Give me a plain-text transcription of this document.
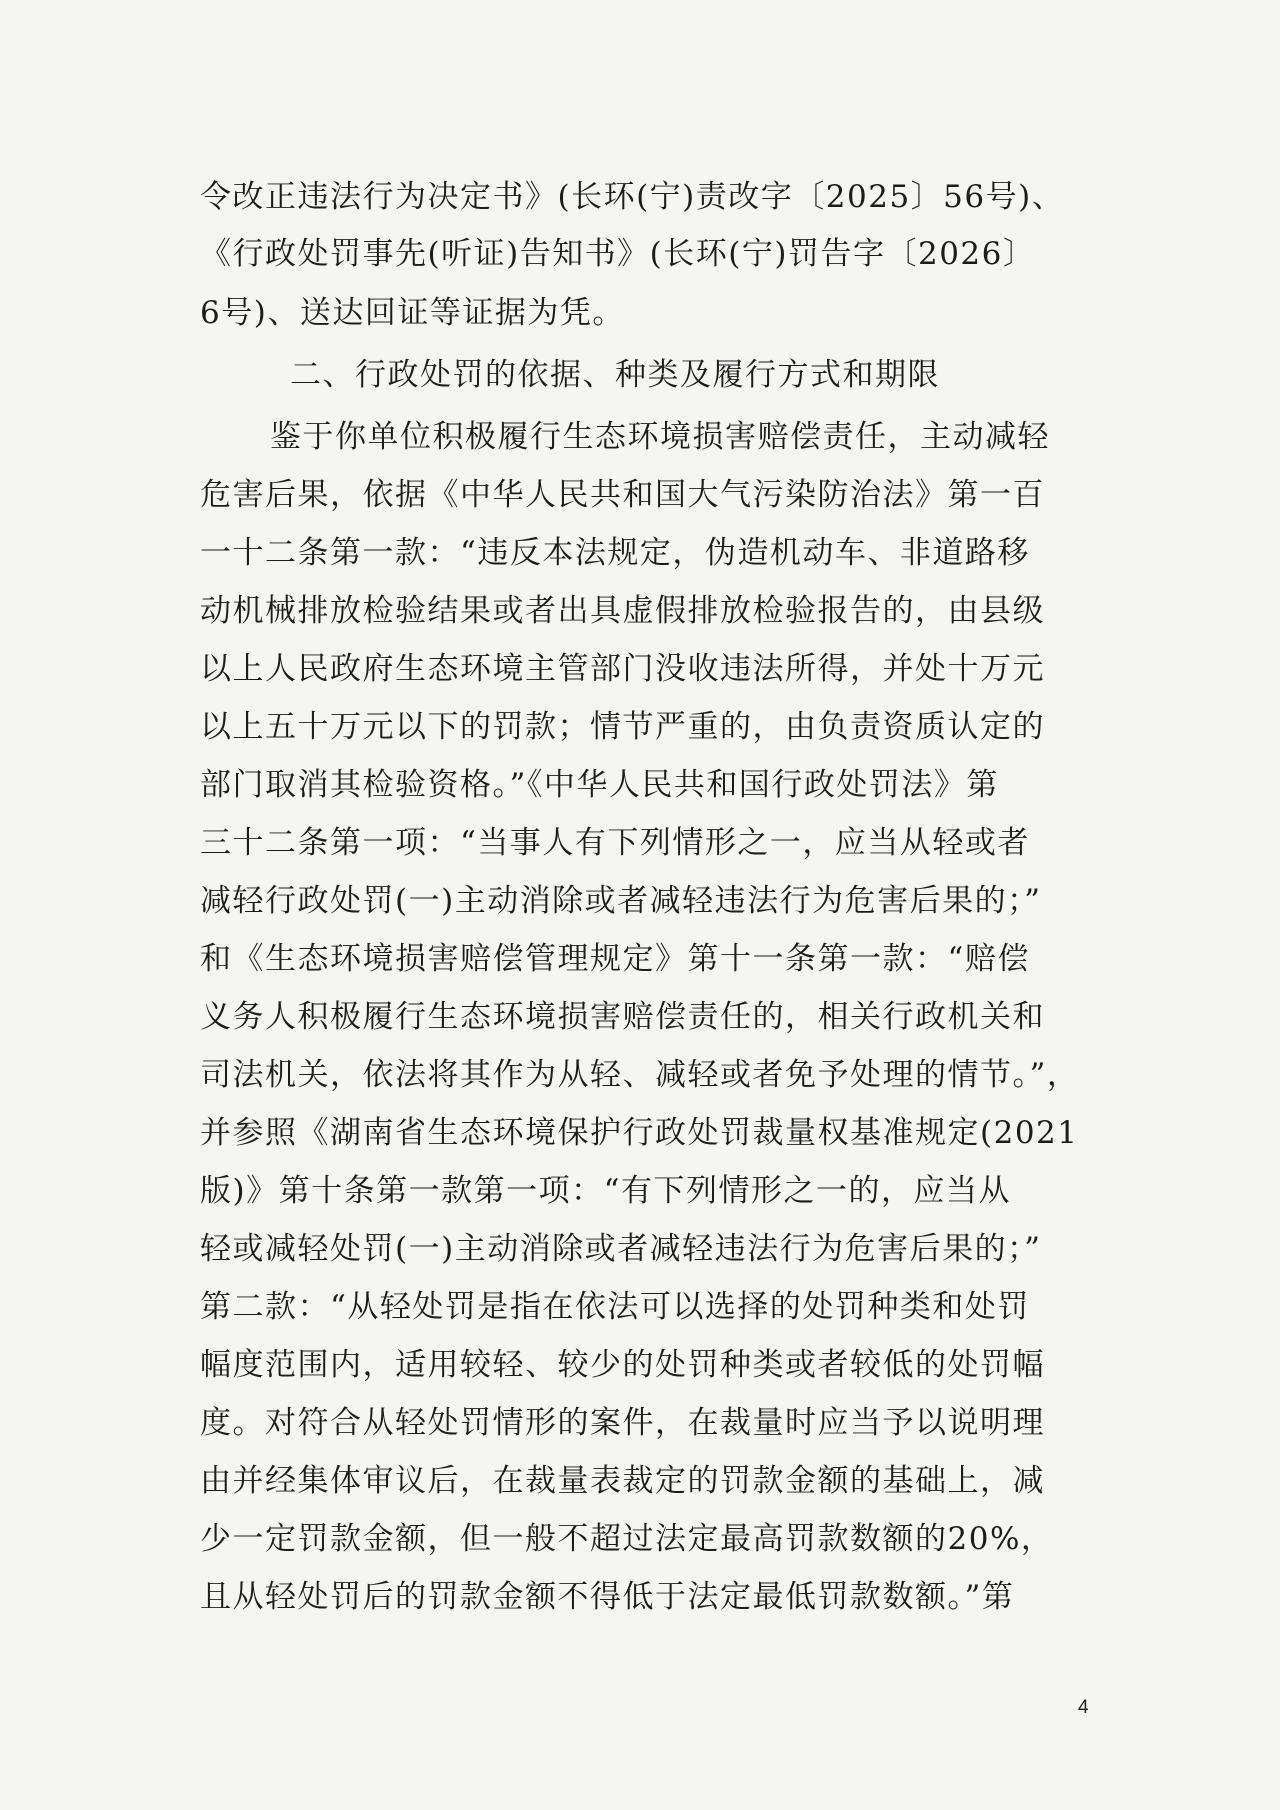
令改正违法行为决定书》(长环(宁)责改字〔2025〕56号)、
《行政处罚事先(听证)告知书》(长环(宁)罚告字〔2026〕
6号)、送达回证等证据为凭。
二、行政处罚的依据、种类及履行方式和期限
鉴于你单位积极履行生态环境损害赔偿责任，主动减轻
危害后果，依据《中华人民共和国大气污染防治法》第一百
一十二条第一款：“违反本法规定，伪造机动车、非道路移
动机械排放检验结果或者出具虚假排放检验报告的，由县级
以上人民政府生态环境主管部门没收违法所得，并处十万元
以上五十万元以下的罚款；情节严重的，由负责资质认定的
部门取消其检验资格。”《中华人民共和国行政处罚法》第
三十二条第一项：“当事人有下列情形之一，应当从轻或者
减轻行政处罚(一)主动消除或者减轻违法行为危害后果的；”
和《生态环境损害赔偿管理规定》第十一条第一款：“赔偿
义务人积极履行生态环境损害赔偿责任的，相关行政机关和
司法机关，依法将其作为从轻、减轻或者免予处理的情节。”，
并参照《湖南省生态环境保护行政处罚裁量权基准规定(2021
版)》第十条第一款第一项：“有下列情形之一的，应当从
轻或减轻处罚(一)主动消除或者减轻违法行为危害后果的；”
第二款：“从轻处罚是指在依法可以选择的处罚种类和处罚
幅度范围内，适用较轻、较少的处罚种类或者较低的处罚幅
度。对符合从轻处罚情形的案件，在裁量时应当予以说明理
由并经集体审议后，在裁量表裁定的罚款金额的基础上，减
少一定罚款金额，但一般不超过法定最高罚款数额的20%，
且从轻处罚后的罚款金额不得低于法定最低罚款数额。”第
4
